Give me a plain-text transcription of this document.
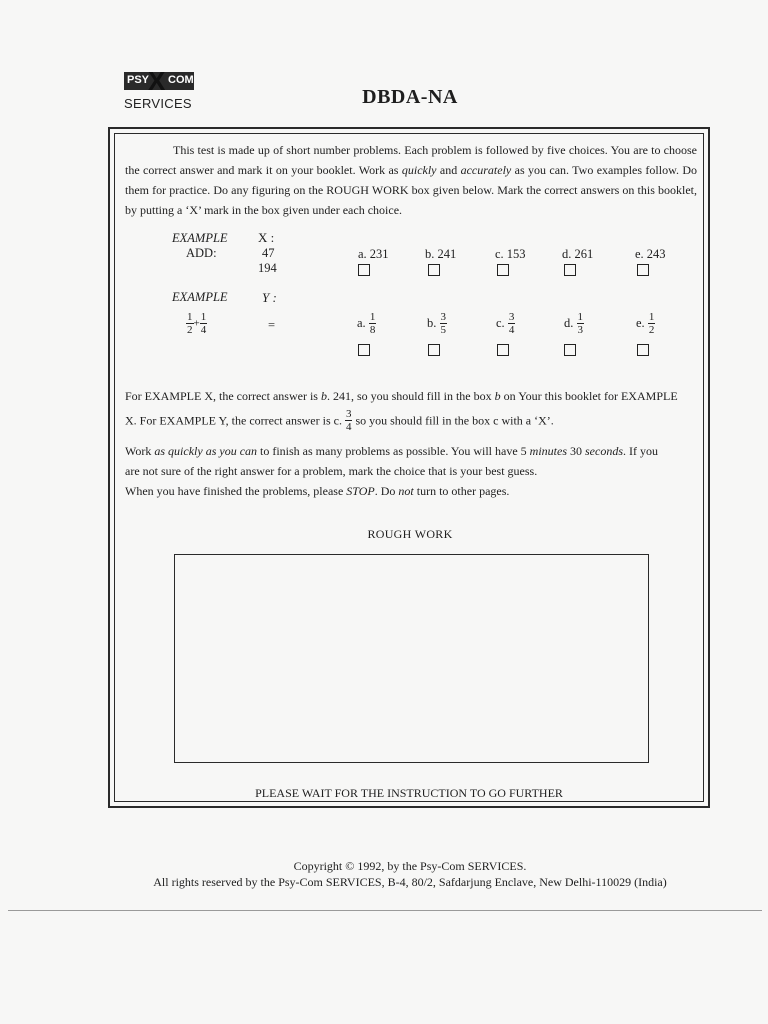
PSY
X COM
SERVICES	DBDA-NA
This test is made up of short number problems. Each problem is followed by five choices. You are to choose the correct answer and mark it on your booklet. Work as quickly and accurately as you can. Two examples follow. Do them for practice. Do any figuring on the ROUGH WORK box given below. Mark the correct answers on this booklet, by putting a ‘X’ mark in the box given under each choice.
EXAMPLE X :
ADD:	47
194
a. 231	b. 241	c. 153	d. 261	e. 243
EXAMPLE	Y :
$\frac{1}{2} + \frac{1}{4}$	=	a. $\frac{1}{8}$	b. $\frac{3}{5}$	c. $\frac{3}{4}$	d. $\frac{1}{3}$	e. $\frac{1}{2}$
For EXAMPLE X, the correct answer is b. 241, so you should fill in the box b on Your this booklet for EXAMPLE
X. For EXAMPLE Y, the correct answer is c. $\frac{3}{4}$ so you should fill in the box c with a ‘X’.
Work as quickly as you can to finish as many problems as possible. You will have 5 minutes 30 seconds. If you
are not sure of the right answer for a problem, mark the choice that is your best guess.
When you have finished the problems, please STOP. Do not turn to other pages.
ROUGH WORK
PLEASE WAIT FOR THE INSTRUCTION TO GO FURTHER
Copyright © 1992, by the Psy-Com SERVICES.
All rights reserved by the Psy-Com SERVICES, B-4, 80/2, Safdarjung Enclave, New Delhi-110029 (India)
